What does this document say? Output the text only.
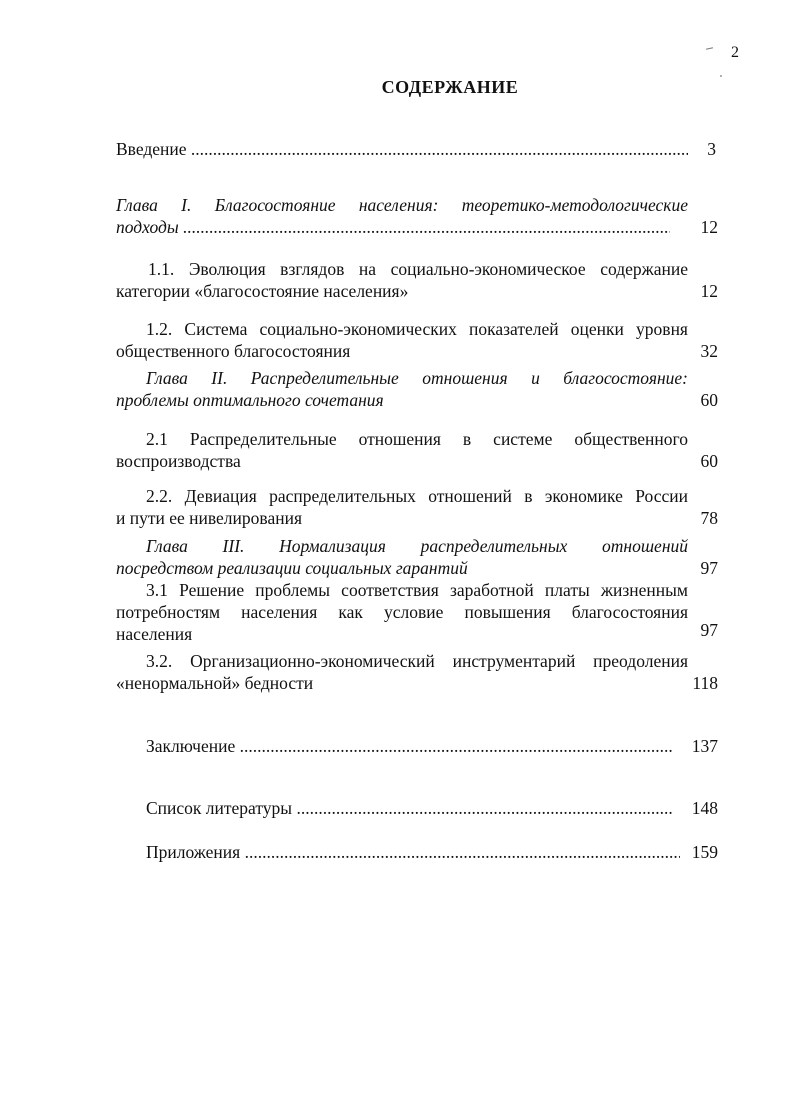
2
СОДЕРЖАНИЕ
Введение .....	3
Глава I. Благосостояние населения: теоретико-методологические
подходы .....	12
1.1. Эволюция взглядов на социально-экономическое содержание
категории «благосостояние населения»	12
1.2. Система социально-экономических показателей оценки уровня
общественного благосостояния	32
Глава II. Распределительные отношения и благосостояние:
проблемы оптимального сочетания	60
2.1 Распределительные отношения в системе общественного
воспроизводства	60
2.2. Девиация распределительных отношений в экономике России
и пути ее нивелирования	78
Глава III. Нормализация распределительных отношений
посредством реализации социальных гарантий	97
3.1 Решение проблемы соответствия заработной платы жизненным потребностям населения как условие повышения благосостояния
населения	97
3.2. Организационно-экономический инструментарий преодоления
«ненормальной» бедности	118
Заключение .....	137
Список литературы .....	148
Приложения .....	159
